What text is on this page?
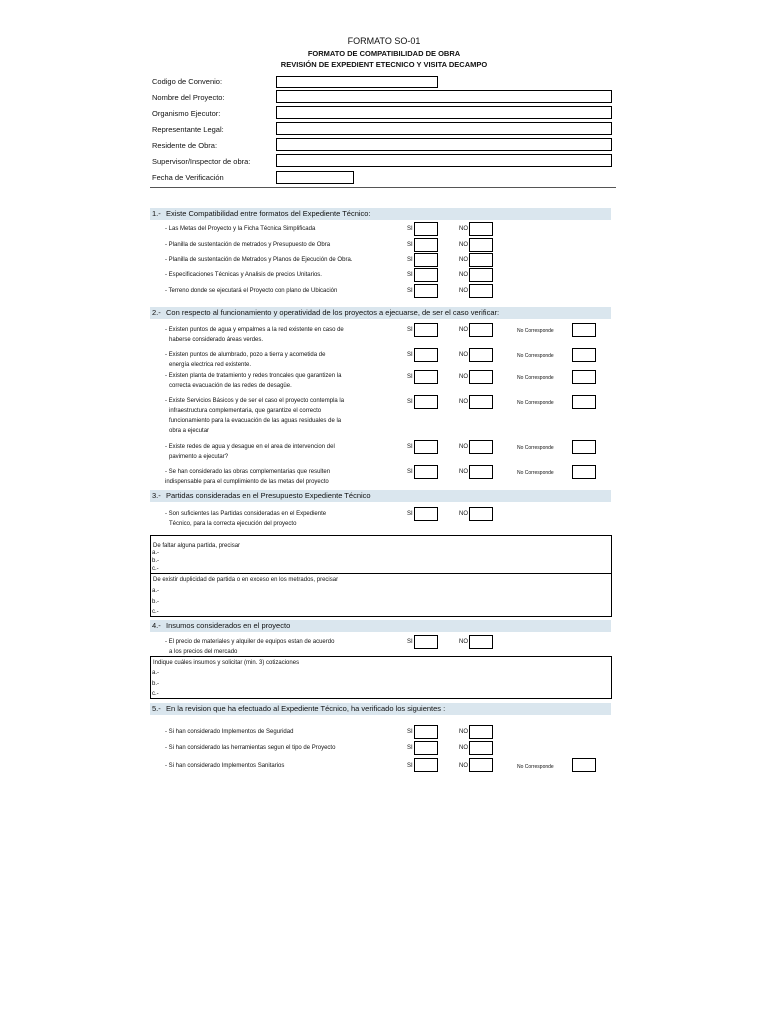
FORMATO SO-01
FORMATO DE COMPATIBILIDAD DE OBRA
REVISIÓN DE EXPEDIENT ETECNICO Y VISITA DECAMPO
Codigo de Convenio:
Nombre del Proyecto:
Organismo Ejecutor:
Representante Legal:
Residente de Obra:
Supervisor/Inspector de obra:
Fecha de Verificación
1.- Existe Compatibilidad entre formatos del Expediente Técnico:
- Las Metas del Proyecto y la Ficha Técnica Simplificada	SI	NO
- Planilla de sustentación de metrados y Presupuesto de Obra	SI	NO
- Planilla de sustentación de Metrados y Planos de Ejecución de Obra.	SI	NO
- Especificaciones Técnicas y Analisis de precios Unitarios.	SI	NO
- Terreno donde se ejecutará el Proyecto con plano de Ubicación	SI	NO
2.- Con respecto al funcionamiento y operatividad de los proyectos a ejecuarse, de ser el caso verificar:
- Existen puntos de agua y empalmes a la red existente en caso de
haberse considerado áreas verdes.
SI	NO	No Corresponde
- Existen puntos de alumbrado, pozo a tierra y acometida de
energía electrica red existente.
SI	NO	No Corresponde
- Existen planta de tratamiento y redes troncales que garantizen la
correcta evacuación de las redes de desagüe.
SI	NO	No Corresponde
- Existe Servicios Básicos y de ser el caso el proyecto contempla la
infraestructura complementaria, que garantize el correcto
funcionamiento para la evacuación de las aguas residuales de la
obra a ejecutar
SI	NO	No Corresponde
- Existe redes de agua y desague en el area de intervencion del
pavimento a ejecutar?
SI	NO	No Corresponde
- Se han considerado las obras complementarias que resulten
indispensable para el cumplimiento de las metas del proyecto
SI	NO	No Corresponde
3.- Partidas consideradas en el Presupuesto Expediente Técnico
- Son suficientes las Partidas consideradas en el Expediente
Técnico, para la correcta ejecución del proyecto
SI	NO
De faltar alguna partida, precisar
a.-
b.-
c.-
De existir duplicidad de partida o en exceso en los metrados, precisar
a.-
b.-
c.-
4.- Insumos considerados en el proyecto
- El precio de materiales y alquiler de equipos estan de acuerdo
a los precios del mercado
SI	NO
Indique cuáles insumos y solicitar (min. 3) cotizaciones
a.-
b.-
c.-
5.- En la revision que ha efectuado al Expediente Técnico, ha verificado los siguientes :
- Si han considerado Implementos de Seguridad	SI	NO
- Si han considerado las herramientas segun el tipo de Proyecto	SI	NO
- Si han considerado Implementos Sanitarios	SI	NO	No Corresponde
